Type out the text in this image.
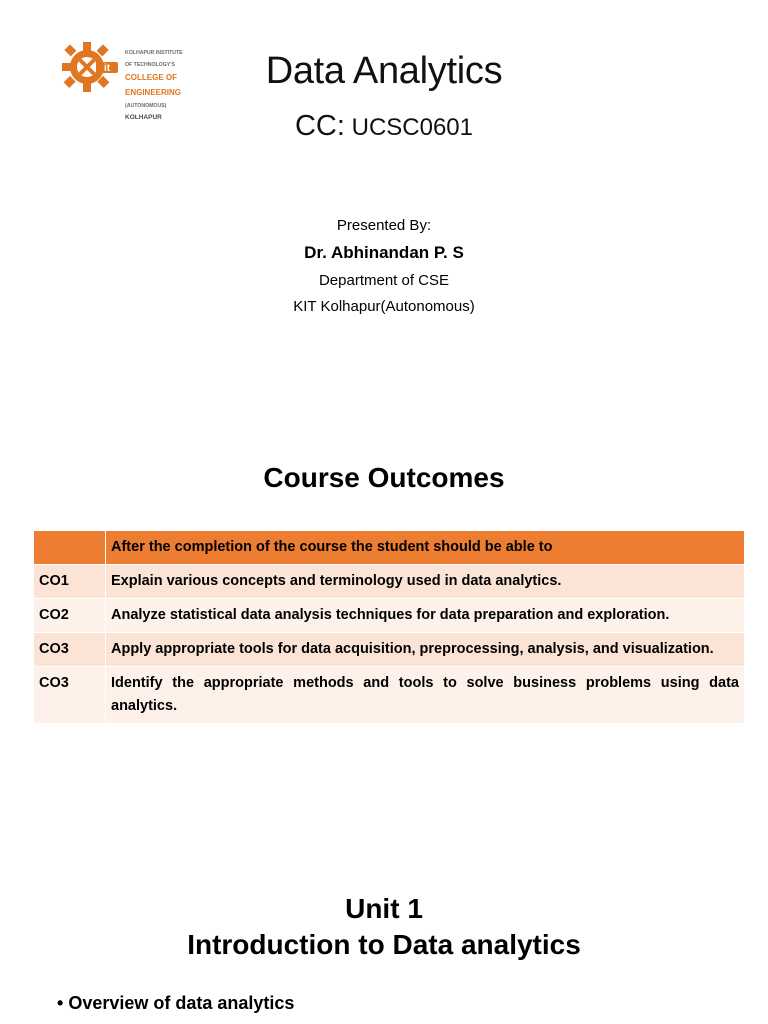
it

KOLHAPUR INSTITUTE

OF TECHNOLOGY'S

COLLEGE OF

ENGINEERING

(AUTONOMOUS)

KOLHAPUR

Data Analytics
CC: UCSC0601
Presented By:
Dr. Abhinandan P. S
Department of CSE
KIT Kolhapur(Autonomous)
Course Outcomes
	After the completion of the course the student should be able to
CO1	Explain various concepts and terminology used in data analytics.
CO2	Analyze statistical data analysis techniques for data preparation and exploration.
CO3	Apply appropriate tools for data acquisition, preprocessing, analysis, and visualization.
CO3	Identify the appropriate methods and tools to solve business problems using data analytics.
Unit 1
Introduction to Data analytics
• Overview of data analytics
